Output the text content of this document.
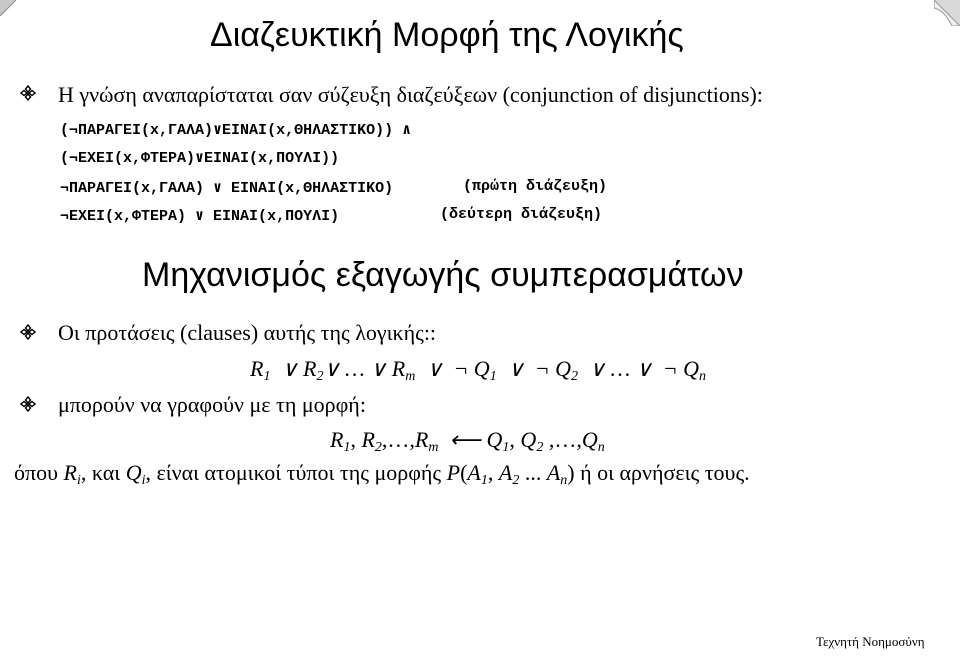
Διαζευκτική Μορφή της Λογικής
Η γνώση αναπαρίσταται σαν σύζευξη διαζεύξεων (conjunction of disjunctions):
(¬ΠΑΡΑΓΕΙ(x,ΓΑΛΑ)∨ΕΙΝΑΙ(x,ΘΗΛΑΣΤΙΚΟ)) ∧
(¬ΕΧΕΙ(x,ΦΤΕΡΑ)∨ΕΙΝΑΙ(x,ΠΟΥΛΙ))
¬ΠΑΡΑΓΕΙ(x,ΓΑΛΑ) ∨ ΕΙΝΑΙ(x,ΘΗΛΑΣΤΙΚΟ)	(πρώτη διάζευξη)
¬ΕΧΕΙ(x,ΦΤΕΡΑ) ∨ ΕΙΝΑΙ(x,ΠΟΥΛΙ)	(δεύτερη διάζευξη)
Μηχανισμός εξαγωγής συμπερασμάτων
Οι προτάσεις (clauses) αυτής της λογικής::
$R_1$  ∨ $R_2\vee$ … ∨ $R_m$  ∨  ¬ $Q_1$  ∨  ¬ $Q_2$  ∨ … ∨  ¬ $Q_n$
μπορούν να γραφούν με τη μορφή:
$R_1$, $R_2,\dots,R_m$  ⟵ $Q_1$, $Q_2$ $,\dots,Q_n$
όπου $R_i$, και $Q_i$, είναι ατομικοί τύποι της μορφής $P(A_1$, $A_2$ ... $A_n$) ή οι αρνήσεις τους.
Τεχνητή Νοημοσύνη
